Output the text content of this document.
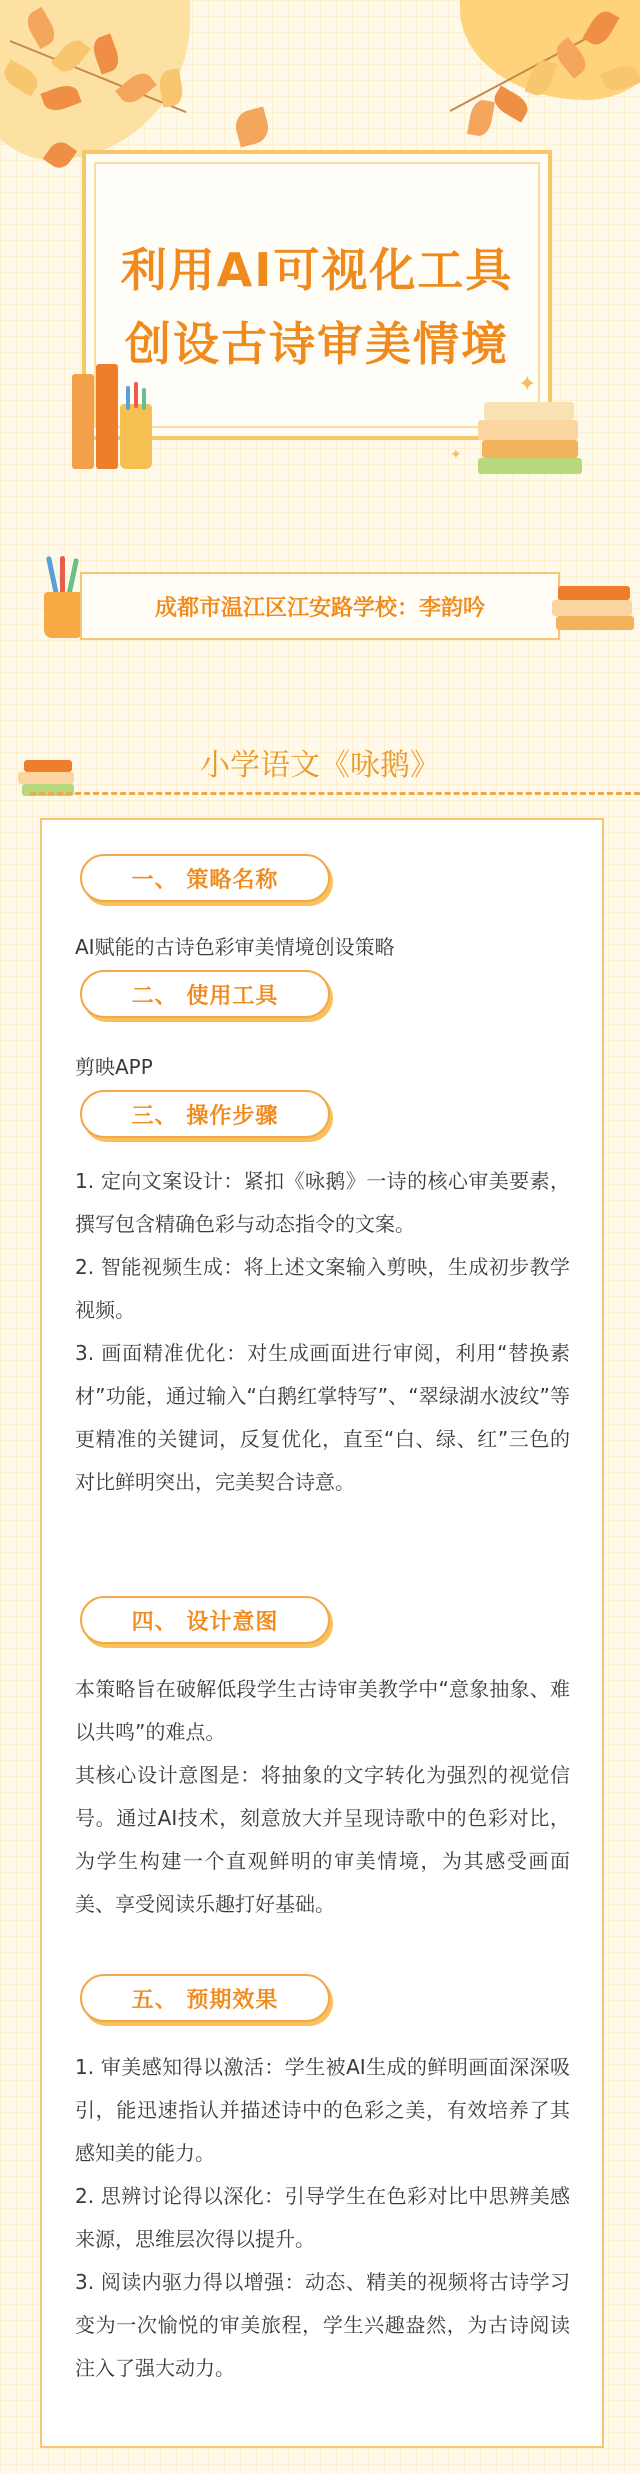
利用AI可视化工具
创设古诗审美情境
✦
✦
成都市温江区江安路学校：李韵吟
小学语文《咏鹅》
一、 策略名称

AI赋能的古诗色彩审美情境创设策略

二、 使用工具

剪映APP

三、 操作步骤

1. 定向文案设计：紧扣《咏鹅》一诗的核心审美要素，撰写包含精确色彩与动态指令的文案。

2. 智能视频生成：将上述文案输入剪映，生成初步教学视频。

3. 画面精准优化：对生成画面进行审阅，利用“替换素材”功能，通过输入“白鹅红掌特写”、“翠绿湖水波纹”等更精准的关键词，反复优化，直至“白、绿、红”三色的对比鲜明突出，完美契合诗意。

四、 设计意图

本策略旨在破解低段学生古诗审美教学中“意象抽象、难以共鸣”的难点。

其核心设计意图是：将抽象的文字转化为强烈的视觉信号。通过AI技术，刻意放大并呈现诗歌中的色彩对比，为学生构建一个直观鲜明的审美情境，为其感受画面美、享受阅读乐趣打好基础。

五、 预期效果

1. 审美感知得以激活：学生被AI生成的鲜明画面深深吸引，能迅速指认并描述诗中的色彩之美，有效培养了其感知美的能力。

2. 思辨讨论得以深化：引导学生在色彩对比中思辨美感来源，思维层次得以提升。

3. 阅读内驱力得以增强：动态、精美的视频将古诗学习变为一次愉悦的审美旅程，学生兴趣盎然，为古诗阅读注入了强大动力。
